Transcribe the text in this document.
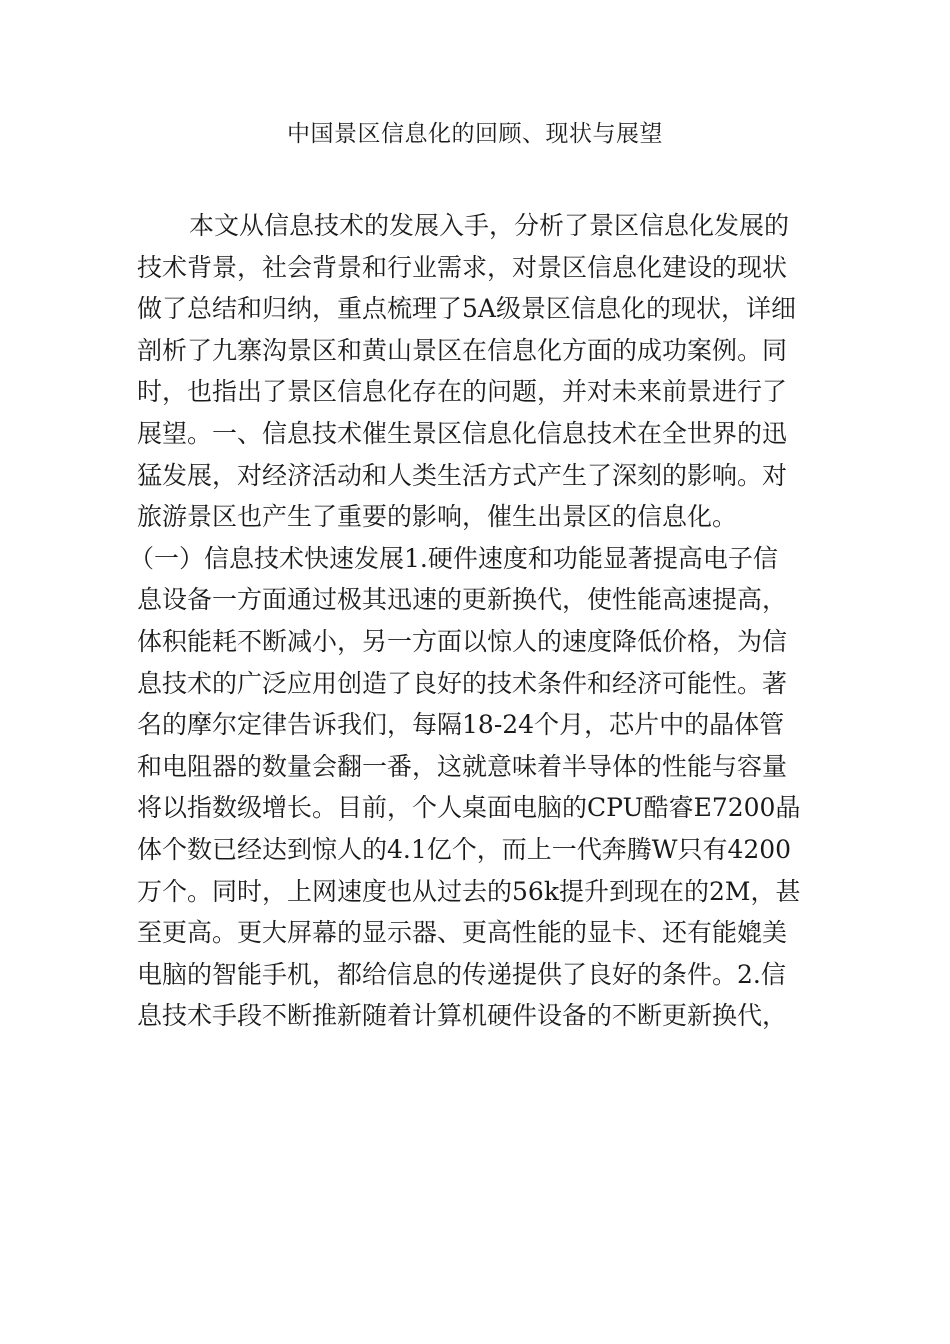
中国景区信息化的回顾、现状与展望
本文从信息技术的发展入手，分析了景区信息化发展的
技术背景，社会背景和行业需求，对景区信息化建设的现状
做了总结和归纳，重点梳理了5A级景区信息化的现状，详细
剖析了九寨沟景区和黄山景区在信息化方面的成功案例。同
时，也指出了景区信息化存在的问题，并对未来前景进行了
展望。一、信息技术催生景区信息化信息技术在全世界的迅
猛发展，对经济活动和人类生活方式产生了深刻的影响。对
旅游景区也产生了重要的影响，催生出景区的信息化。
（一）信息技术快速发展1.硬件速度和功能显著提高电子信
息设备一方面通过极其迅速的更新换代，使性能高速提高，
体积能耗不断减小，另一方面以惊人的速度降低价格，为信
息技术的广泛应用创造了良好的技术条件和经济可能性。著
名的摩尔定律告诉我们，每隔18-24个月，芯片中的晶体管
和电阻器的数量会翻一番，这就意味着半导体的性能与容量
将以指数级增长。目前，个人桌面电脑的CPU酷睿E7200晶
体个数已经达到惊人的4.1亿个，而上一代奔腾W只有4200
万个。同时，上网速度也从过去的56k提升到现在的2M，甚
至更高。更大屏幕的显示器、更高性能的显卡、还有能媲美
电脑的智能手机，都给信息的传递提供了良好的条件。2.信
息技术手段不断推新随着计算机硬件设备的不断更新换代，
